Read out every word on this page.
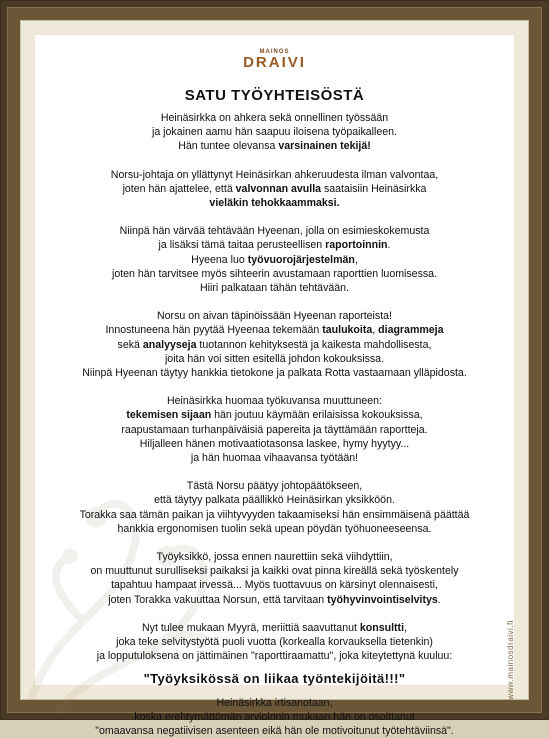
MAINOS
DRAIVI
SATU TYÖYHTEISÖSTÄ
Heinäsirkka on ahkera sekä onnellinen työssään
ja jokainen aamu hän saapuu iloisena työpaikalleen.
Hän tuntee olevansa varsinainen tekijä!
Norsu-johtaja on yllättynyt Heinäsirkan ahkeruudesta ilman valvontaa,
joten hän ajattelee, että valvonnan avulla saataisiin Heinäsirkka
vieläkin tehokkaammaksi.
Niinpä hän värvää tehtävään Hyeenan, jolla on esimieskokemusta
ja lisäksi tämä taitaa perusteellisen raportoinnin.
Hyeena luo työvuorojärjestelmän,
joten hän tarvitsee myös sihteerin avustamaan raporttien luomisessa.
Hiiri palkataan tähän tehtävään.
Norsu on aivan täpinöissään Hyeenan raporteista!
Innostuneena hän pyytää Hyeenaa tekemään taulukoita, diagrammeja
sekä analyyseja tuotannon kehityksestä ja kaikesta mahdollisesta,
joita hän voi sitten esitellä johdon kokouksissa.
Niinpä Hyeenan täytyy hankkia tietokone ja palkata Rotta vastaamaan ylläpidosta.
Heinäsirkka huomaa työkuvansa muuttuneen:
tekemisen sijaan hän joutuu käymään erilaisissa kokouksissa,
raapustamaan turhanpäiväisiä papereita ja täyttämään raportteja.
Hiljalleen hänen motivaatiotasonsa laskee, hymy hyytyy...
ja hän huomaa vihaavansa työtään!
Tästä Norsu päätyy johtopäätökseen,
että täytyy palkata päällikkö Heinäsirkan yksikköön.
Torakka saa tämän paikan ja viihtyvyyden takaamiseksi hän ensimmäisenä päättää
hankkia ergonomisen tuolin sekä upean pöydän työhuoneeseensa.
Työyksikkö, jossa ennen naurettiin sekä viihdyttiin,
on muuttunut surulliseksi paikaksi ja kaikki ovat pinna kireällä sekä työskentely
tapahtuu hampaat irvessä... Myös tuottavuus on kärsinyt olennaisesti,
joten Torakka vakuuttaa Norsun, että tarvitaan työhyvinvointiselvitys.
Nyt tulee mukaan Myyrä, meriittiä saavuttanut konsultti,
joka teke selvitystyötä puoli vuotta (korkealla korvauksella tietenkin)
ja lopputuloksena on jättimäinen "raporttiraamattu", joka kiteytettynä kuuluu:
"Työyksikössä on liikaa työntekijöitä!!!"
Heinäsirkka irtisanotaan,
koska erehtymättömän arvioinnin mukaan hän on osoittanut
"omaavansa negatiivisen asenteen eikä hän ole motivoitunut työtehtäviinsä".
www.mainosdraivi.fi
